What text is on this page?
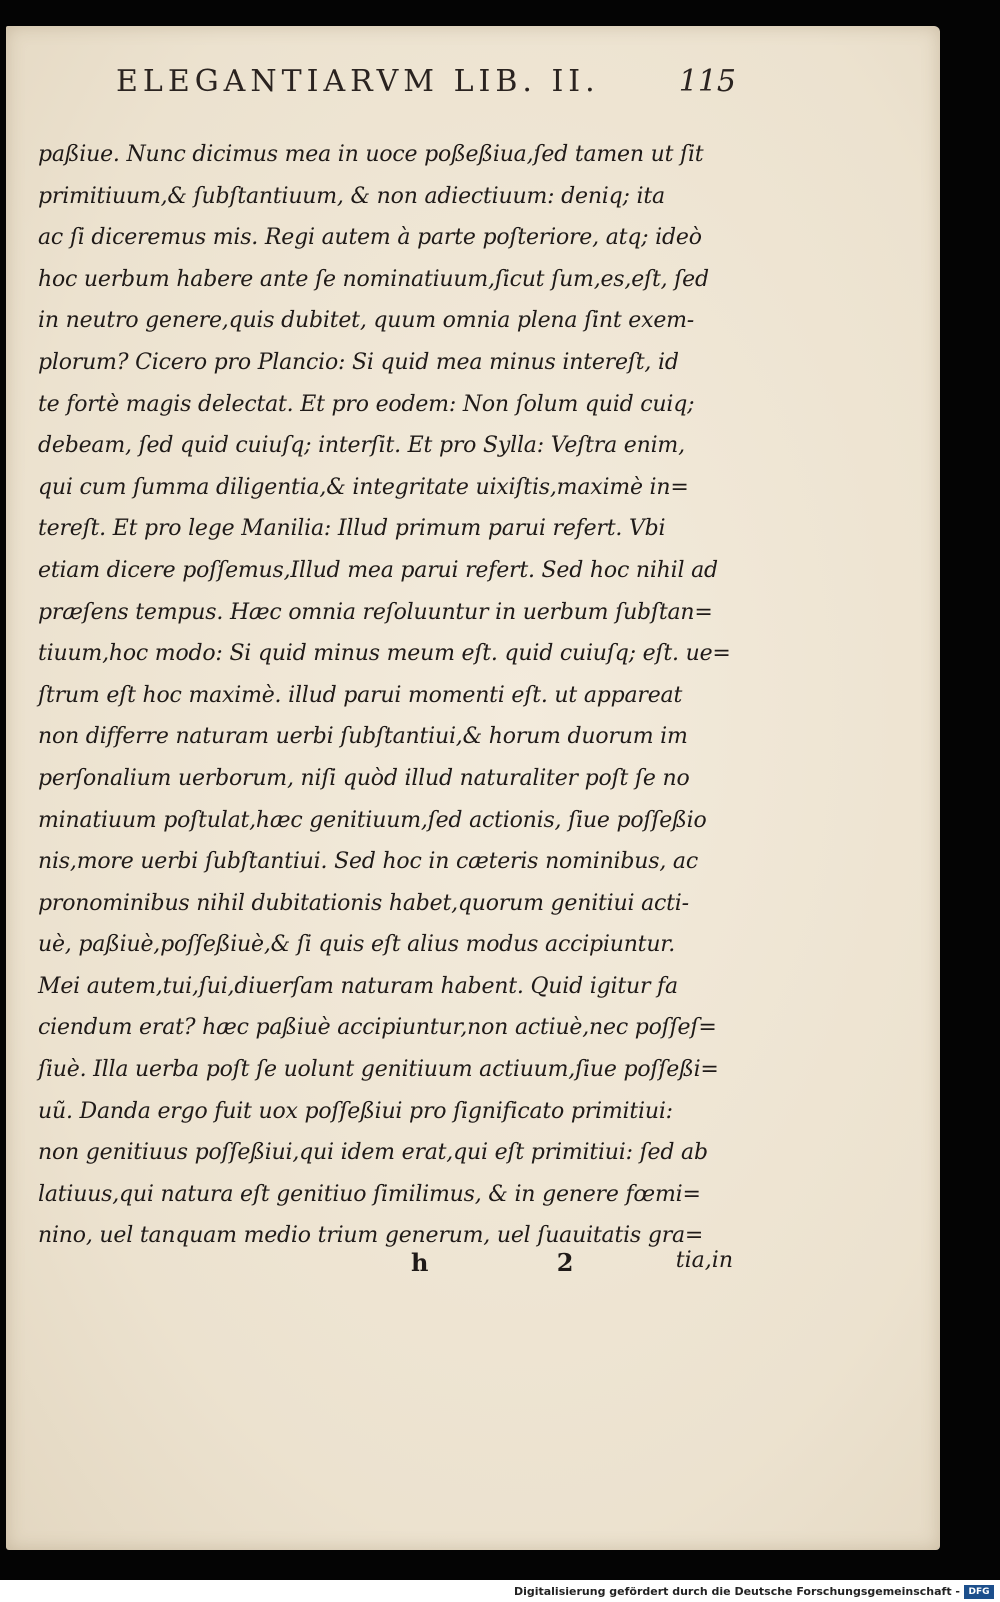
ELEGANTIARVM LIB. II.	115
paßiue. Nunc dicimus mea in uoce poßeßiua,ſed tamen ut ſit
primitiuum,& ſubſtantiuum, & non adiectiuum: deniq; ita
ac ſi diceremus mis. Regi autem à parte poſteriore, atq; ideò
hoc uerbum habere ante ſe nominatiuum,ſicut ſum,es,eſt, ſed
in neutro genere,quis dubitet, quum omnia plena ſint exem-
plorum? Cicero pro Plancio: Si quid mea minus intereſt, id
te fortè magis delectat. Et pro eodem: Non ſolum quid cuiq;
debeam, ſed quid cuiuſq; interſit. Et pro Sylla: Veſtra enim,
qui cum ſumma diligentia,& integritate uixiſtis,maximè in=
tereſt. Et pro lege Manilia: Illud primum parui refert. Vbi
etiam dicere poſſemus,Illud mea parui refert. Sed hoc nihil ad
præſens tempus. Hæc omnia reſoluuntur in uerbum ſubſtan=
tiuum,hoc modo: Si quid minus meum eſt. quid cuiuſq; eſt. ue=
ſtrum eſt hoc maximè. illud parui momenti eſt. ut appareat
non differre naturam uerbi ſubſtantiui,& horum duorum im
perſonalium uerborum, niſi quòd illud naturaliter poſt ſe no
minatiuum poſtulat,hæc genitiuum,ſed actionis, ſiue poſſeßio
nis,more uerbi ſubſtantiui. Sed hoc in cæteris nominibus, ac
pronominibus nihil dubitationis habet,quorum genitiui acti-
uè, paßiuè,poſſeßiuè,& ſi quis eſt alius modus accipiuntur.
Mei autem,tui,ſui,diuerſam naturam habent. Quid igitur fa
ciendum erat? hæc paßiuè accipiuntur,non actiuè,nec poſſeſ=
ſiuè. Illa uerba poſt ſe uolunt genitiuum actiuum,ſiue poſſeßi=
uũ. Danda ergo fuit uox poſſeßiui pro ſignificato primitiui:
non genitiuus poſſeßiui,qui idem erat,qui eſt primitiui: ſed ab
latiuus,qui natura eſt genitiuo ſimilimus, & in genere fœmi=
nino, uel tanquam medio trium generum, uel ſuauitatis gra=
h 2 tia,in
Digitalisierung gefördert durch die Deutsche Forschungsgemeinschaft - DFG
